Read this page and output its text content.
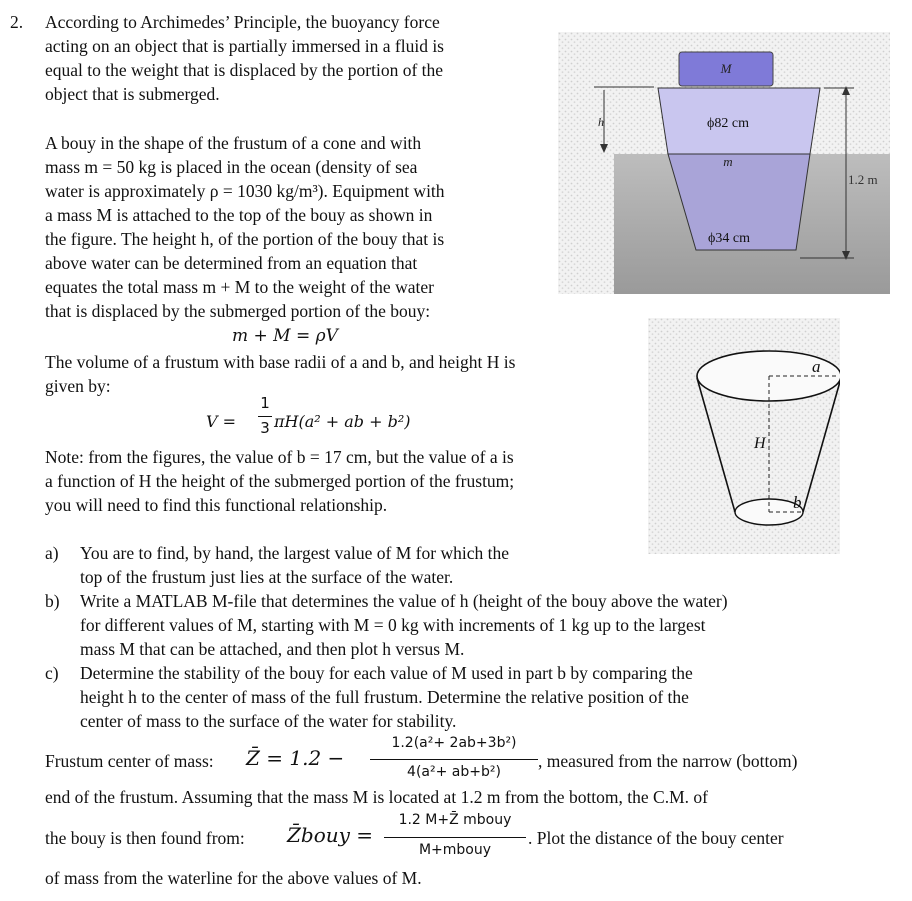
2. According to Archimedes’ Principle, the buoyancy force
acting on an object that is partially immersed in a fluid is
equal to the weight that is displaced by the portion of the
object that is submerged.
A bouy in the shape of the frustum of a cone and with
mass m = 50 kg is placed in the ocean (density of sea
water is approximately ρ = 1030 kg/m³). Equipment with
a mass M is attached to the top of the bouy as shown in
the figure. The height h, of the portion of the bouy that is
above water can be determined from an equation that
equates the total mass m + M to the weight of the water
that is displaced by the submerged portion of the bouy:
m + M = ρV
The volume of a frustum with base radii of a and b, and height H is
given by:
V =
1
3 πH(a² + ab + b²)
Note: from the figures, the value of b = 17 cm, but the value of a is
a function of H the height of the submerged portion of the frustum;
you will need to find this functional relationship.
a) You are to find, by hand, the largest value of M for which the
top of the frustum just lies at the surface of the water.
b) Write a MATLAB M-file that determines the value of h (height of the bouy above the water)
for different values of M, starting with M = 0 kg with increments of 1 kg up to the largest
mass M that can be attached, and then plot h versus M.
c) Determine the stability of the bouy for each value of M used in part b by comparing the
height h to the center of mass of the full frustum. Determine the relative position of the
center of mass to the surface of the water for stability.
Frustum center of mass: Z̄ = 1.2 −
1.2(a²+ 2ab+3b²)
4(a²+ ab+b²)
, measured from the narrow (bottom)
end of the frustum. Assuming that the mass M is located at 1.2 m from the bottom, the C.M. of
the bouy is then found from: Z̄bouy =
1.2 M+Z̄ mbouy
M+mbouy
. Plot the distance of the bouy center
of mass from the waterline for the above values of M.
M
h	ϕ82 cm
m
ϕ34 cm
1.2 m
a
H
b
